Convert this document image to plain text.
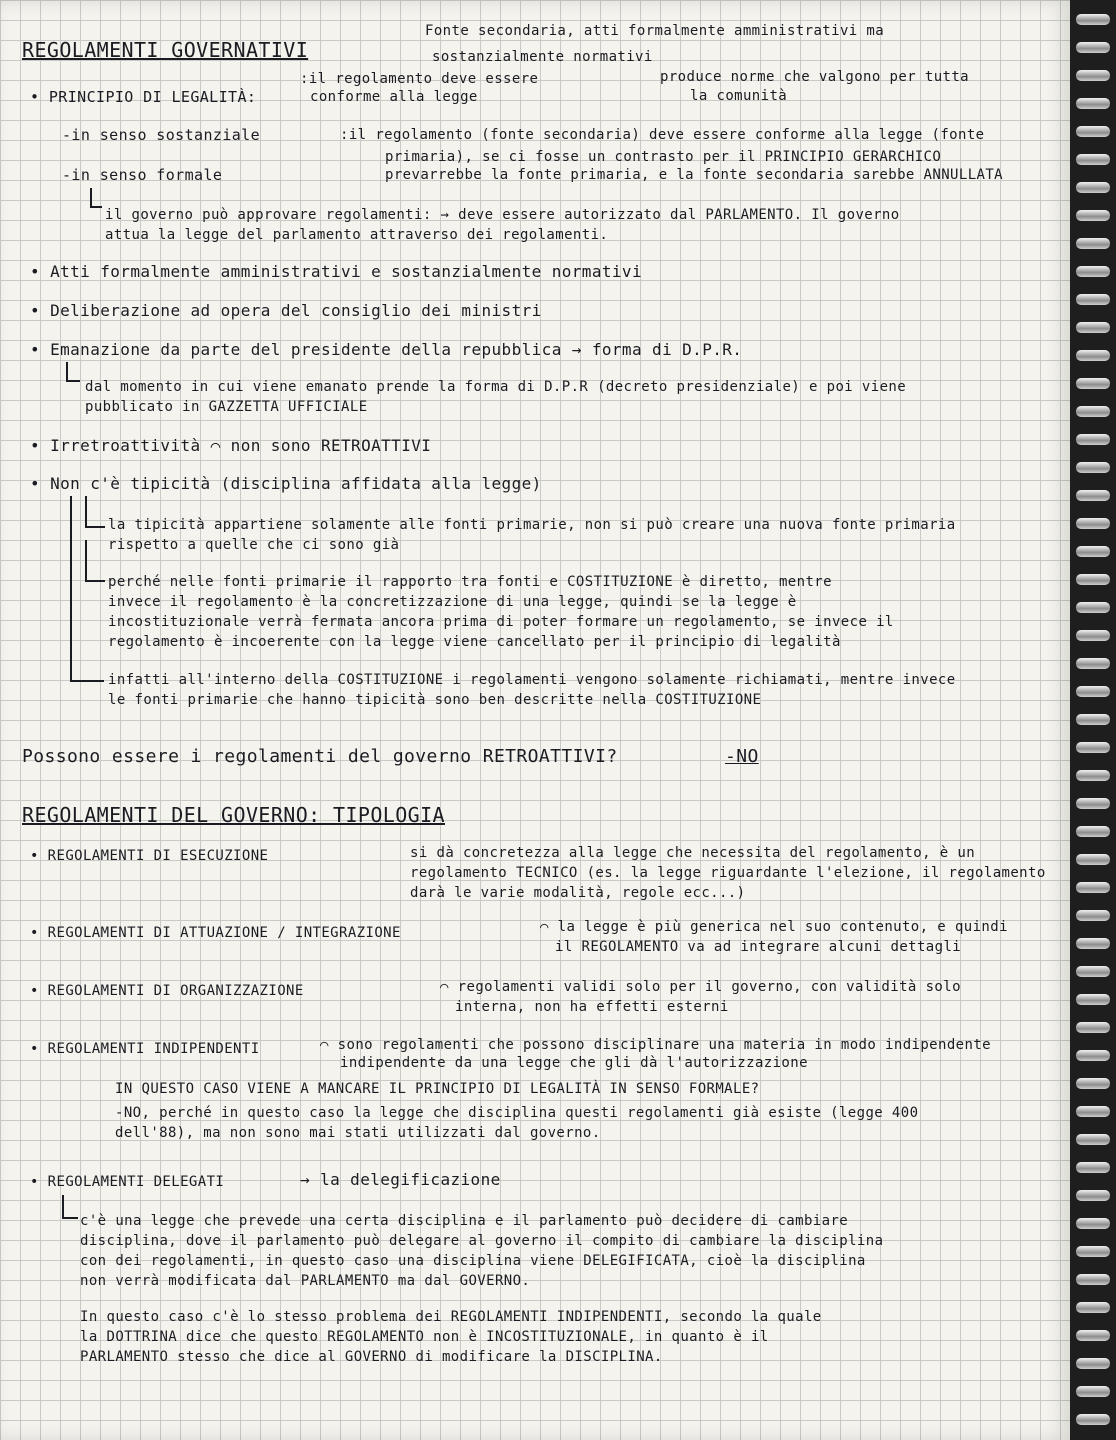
REGOLAMENTI GOVERNATIVI
Fonte secondaria, atti formalmente amministrativi ma
sostanzialmente normativi
produce norme che valgono per tutta
la comunità
:il regolamento deve essere
conforme alla legge
• PRINCIPIO DI LEGALITÀ:
-in senso sostanziale	:il regolamento (fonte secondaria) deve essere conforme alla legge (fonte
primaria), se ci fosse un contrasto per il PRINCIPIO GERARCHICO
prevarrebbe la fonte primaria, e la fonte secondaria sarebbe ANNULLATA
-in senso formale
il governo può approvare regolamenti: → deve essere autorizzato dal PARLAMENTO. Il governo
attua la legge del parlamento attraverso dei regolamenti.
• Atti formalmente amministrativi e sostanzialmente normativi
• Deliberazione ad opera del consiglio dei ministri
• Emanazione da parte del presidente della repubblica → forma di D.P.R.
dal momento in cui viene emanato prende la forma di D.P.R (decreto presidenziale) e poi viene
pubblicato in GAZZETTA UFFICIALE
• Irretroattività ⌒ non sono RETROATTIVI
• Non c'è tipicità (disciplina affidata alla legge)
la tipicità appartiene solamente alle fonti primarie, non si può creare una nuova fonte primaria
rispetto a quelle che ci sono già
perché nelle fonti primarie il rapporto tra fonti e COSTITUZIONE è diretto, mentre
invece il regolamento è la concretizzazione di una legge, quindi se la legge è
incostituzionale verrà fermata ancora prima di poter formare un regolamento, se invece il
regolamento è incoerente con la legge viene cancellato per il principio di legalità
infatti all'interno della COSTITUZIONE i regolamenti vengono solamente richiamati, mentre invece
le fonti primarie che hanno tipicità sono ben descritte nella COSTITUZIONE
Possono essere i regolamenti del governo RETROATTIVI?	-NO
REGOLAMENTI DEL GOVERNO: TIPOLOGIA
• REGOLAMENTI DI ESECUZIONE	si dà concretezza alla legge che necessita del regolamento, è un
regolamento TECNICO (es. la legge riguardante l'elezione, il regolamento
darà le varie modalità, regole ecc...)
• REGOLAMENTI DI ATTUAZIONE / INTEGRAZIONE	⌒ la legge è più generica nel suo contenuto, e quindi
il REGOLAMENTO va ad integrare alcuni dettagli
• REGOLAMENTI DI ORGANIZZAZIONE	⌒ regolamenti validi solo per il governo, con validità solo
interna, non ha effetti esterni
• REGOLAMENTI INDIPENDENTI	⌒ sono regolamenti che possono disciplinare una materia in modo indipendente
indipendente da una legge che gli dà l'autorizzazione
IN QUESTO CASO VIENE A MANCARE IL PRINCIPIO DI LEGALITÀ IN SENSO FORMALE?
-NO, perché in questo caso la legge che disciplina questi regolamenti già esiste (legge 400
dell'88), ma non sono mai stati utilizzati dal governo.
• REGOLAMENTI DELEGATI	→ la delegificazione
c'è una legge che prevede una certa disciplina e il parlamento può decidere di cambiare
disciplina, dove il parlamento può delegare al governo il compito di cambiare la disciplina
con dei regolamenti, in questo caso una disciplina viene DELEGIFICATA, cioè la disciplina
non verrà modificata dal PARLAMENTO ma dal GOVERNO.
In questo caso c'è lo stesso problema dei REGOLAMENTI INDIPENDENTI, secondo la quale
la DOTTRINA dice che questo REGOLAMENTO non è INCOSTITUZIONALE, in quanto è il
PARLAMENTO stesso che dice al GOVERNO di modificare la DISCIPLINA.
